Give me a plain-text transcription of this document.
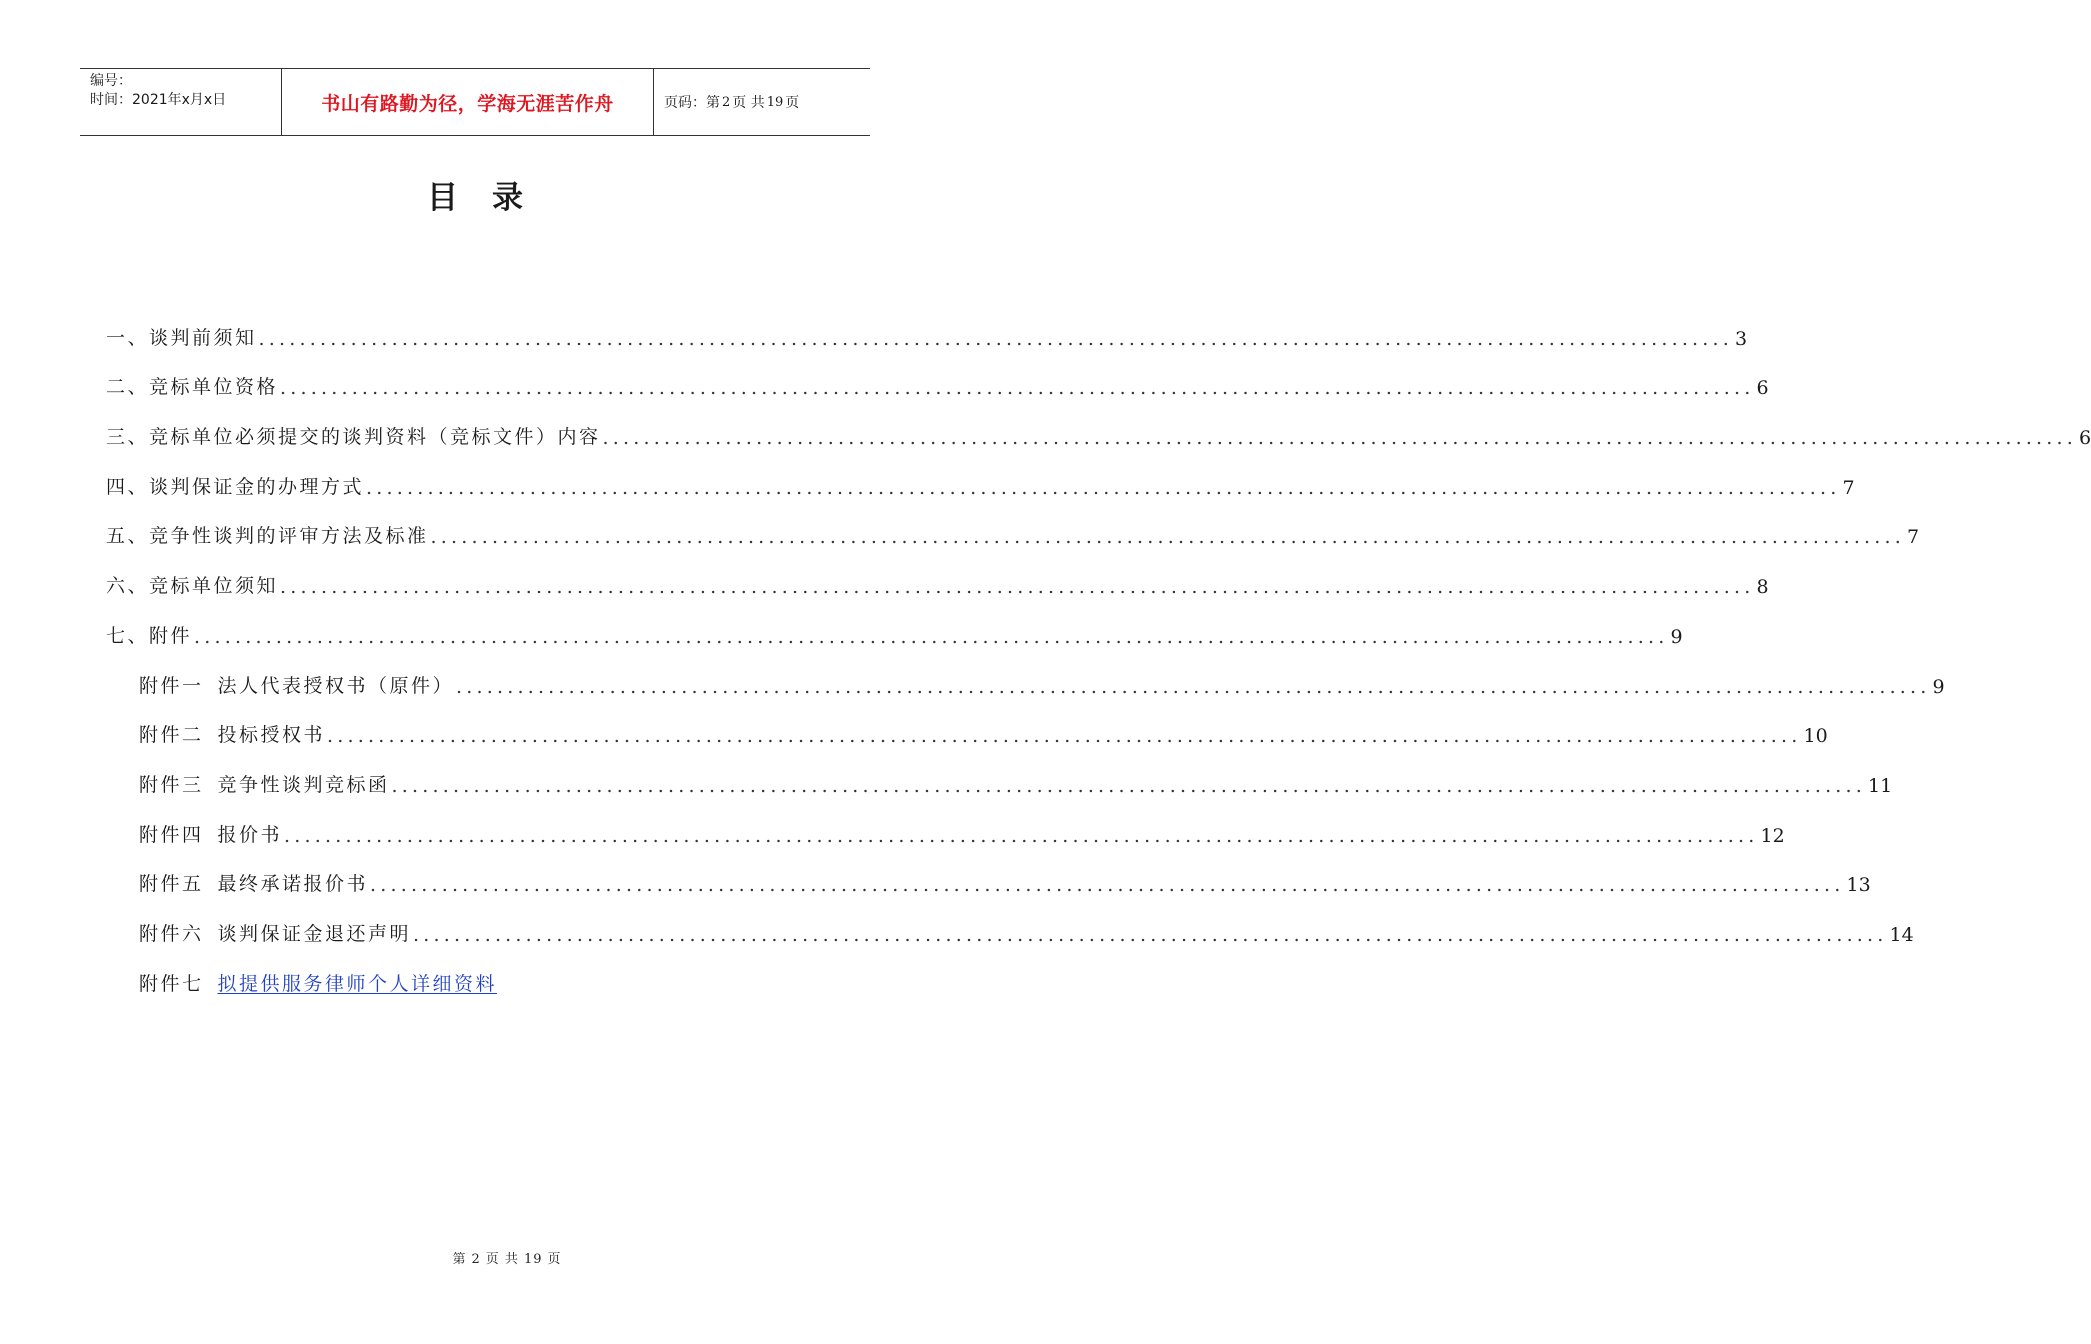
编号：
时间：2021年x月x日	书山有路勤为径，学海无涯苦作舟	页码：第 2 页 共 19 页
目录
一、谈判前须知 ................................................................................................................................................ 3
二、竞标单位资格 ................................................................................................................................................ 6
三、竞标单位必须提交的谈判资料（竞标文件）内容 ................................................................................................................................................ 6
四、谈判保证金的办理方式 ................................................................................................................................................ 7
五、竞争性谈判的评审方法及标准 ................................................................................................................................................ 7
六、竞标单位须知 ................................................................................................................................................ 8
七、附件 ................................................................................................................................................ 9
附件一 法人代表授权书（原件） ................................................................................................................................................ 9
附件二 投标授权书 ................................................................................................................................................ 10
附件三 竞争性谈判竞标函 ................................................................................................................................................ 11
附件四 报价书 ................................................................................................................................................ 12
附件五 最终承诺报价书 ................................................................................................................................................ 13
附件六 谈判保证金退还声明 ................................................................................................................................................ 14
附件七 拟提供服务律师个人详细资料
第 2 页 共 19 页
